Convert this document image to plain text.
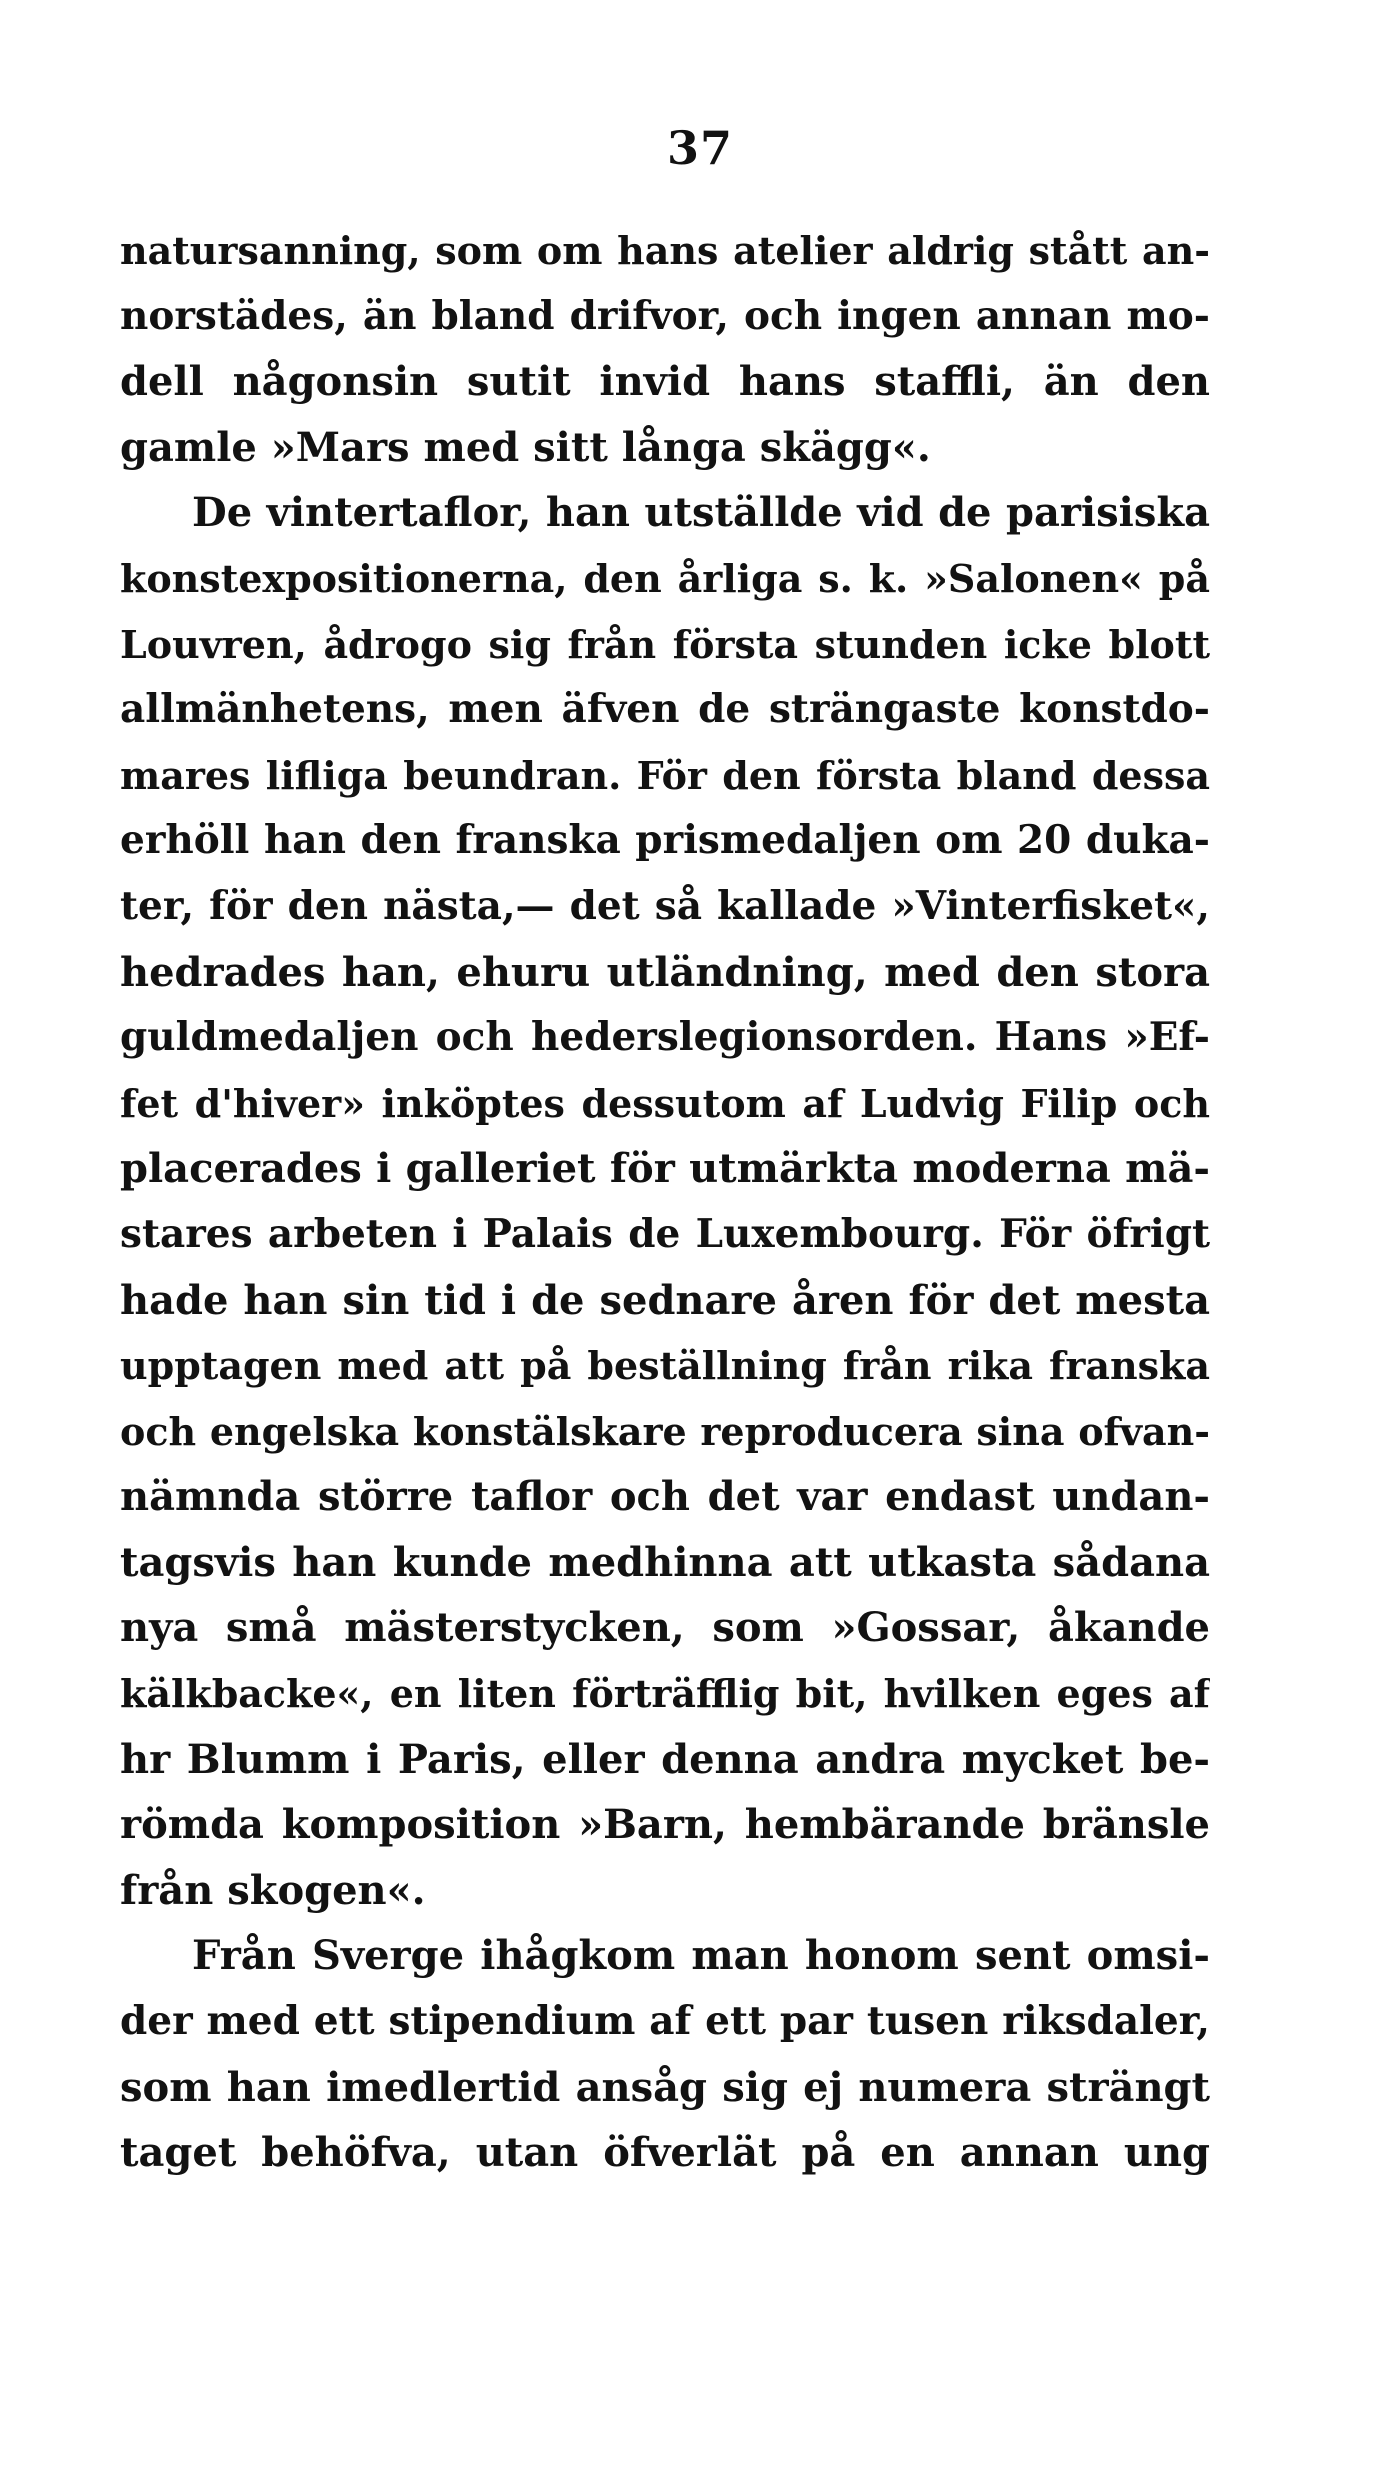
37
natursanning, som om hans atelier aldrig stått an-
norstädes, än bland drifvor, och ingen annan mo-
dell någonsin sutit invid hans staffli, än den
gamle »Mars med sitt långa skägg«.
De vintertaflor, han utställde vid de parisiska
konstexpositionerna, den årliga s. k. »Salonen« på
Louvren, ådrogo sig från första stunden icke blott
allmänhetens, men äfven de strängaste konstdo-
mares lifliga beundran. För den första bland dessa
erhöll han den franska prismedaljen om 20 duka-
ter, för den nästa,— det så kallade »Vinterfisket«,
hedrades han, ehuru utländning, med den stora
guldmedaljen och hederslegionsorden. Hans »Ef-
fet d'hiver» inköptes dessutom af Ludvig Filip och
placerades i galleriet för utmärkta moderna mä-
stares arbeten i Palais de Luxembourg. För öfrigt
hade han sin tid i de sednare åren för det mesta
upptagen med att på beställning från rika franska
och engelska konstälskare reproducera sina ofvan-
nämnda större taflor och det var endast undan-
tagsvis han kunde medhinna att utkasta sådana
nya små mästerstycken, som »Gossar, åkande
kälkbacke«, en liten förträfflig bit, hvilken eges af
hr Blumm i Paris, eller denna andra mycket be-
römda komposition »Barn, hembärande bränsle
från skogen«.
Från Sverge ihågkom man honom sent omsi-
der med ett stipendium af ett par tusen riksdaler,
som han imedlertid ansåg sig ej numera strängt
taget behöfva, utan öfverlät på en annan ung
